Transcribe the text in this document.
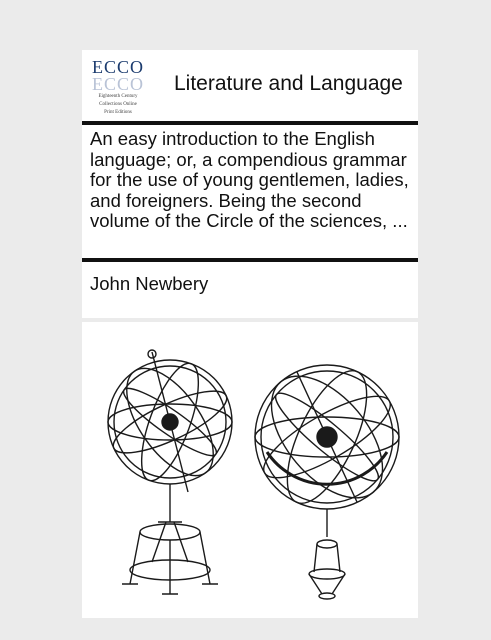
ECCO
ECCO
Eighteenth Century
Collections Online
Print Editions
Literature and Language
An easy introduction to the English language; or, a compendious grammar for the use of young gentlemen, ladies, and foreigners. Being the second volume of the Circle of the sciences, ...
John Newbery
